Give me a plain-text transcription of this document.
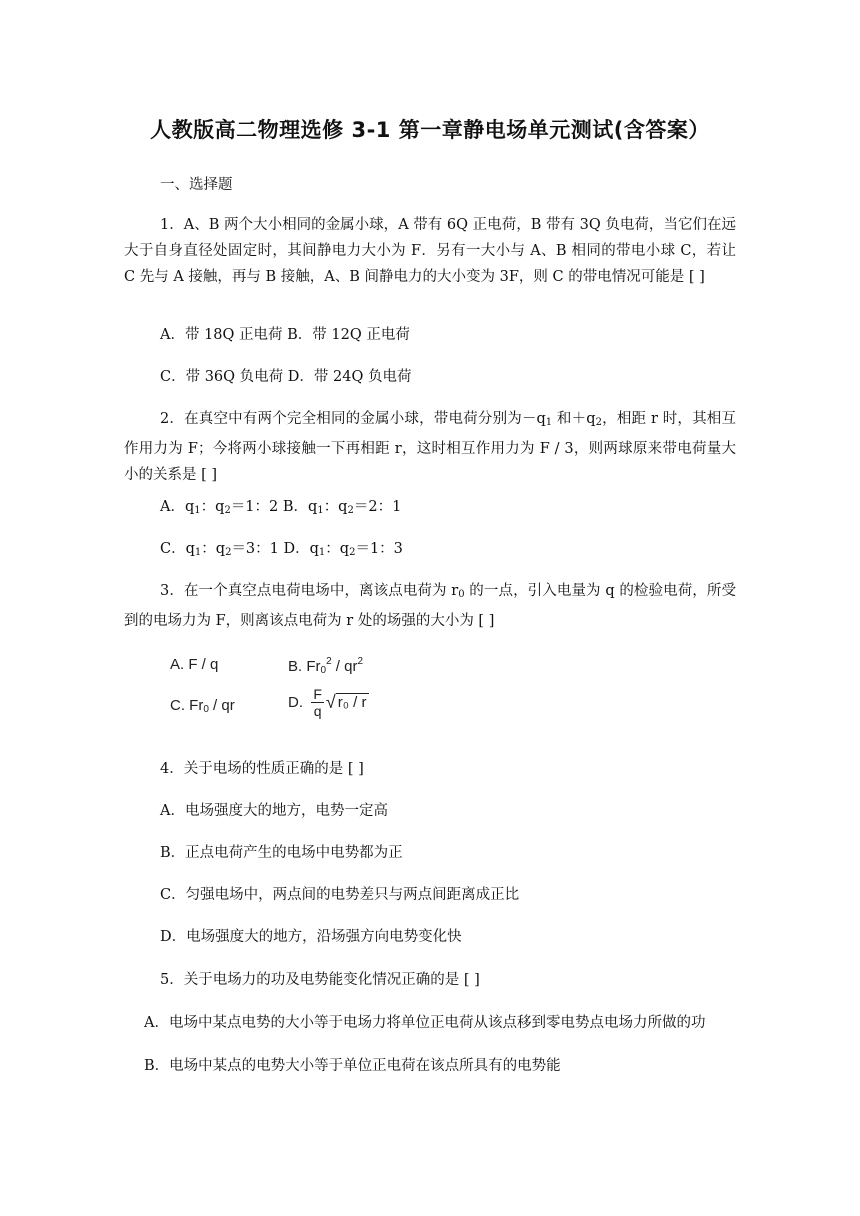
人教版高二物理选修 3-1 第一章静电场单元测试(含答案）
一、选择题
1．A、B 两个大小相同的金属小球，A 带有 6Q 正电荷，B 带有 3Q 负电荷，当它们在远大于自身直径处固定时，其间静电力大小为 F．另有一大小与 A、B 相同的带电小球 C，若让 C 先与 A 接触，再与 B 接触，A、B 间静电力的大小变为 3F，则 C 的带电情况可能是 [ ]
A．带 18Q 正电荷 B．带 12Q 正电荷
C．带 36Q 负电荷 D．带 24Q 负电荷
2．在真空中有两个完全相同的金属小球，带电荷分别为$-q_1$ 和$+q_2$，相距 r 时，其相互作用力为 F；今将两小球接触一下再相距 r，这时相互作用力为 F / 3，则两球原来带电荷量大小的关系是 [ ]
A．$q_1$：$q_2=1$：2 B．$q_1$：$q_2=2$：1
C．$q_1$：$q_2=3$：1 D．$q_1$：$q_2=1$：3
3．在一个真空点电荷电场中，离该点电荷为 $r_0$ 的一点，引入电量为 q 的检验电荷，所受到的电场力为 F，则离该点电荷为 r 处的场强的大小为 [ ]
A. F / q	B. $Fr_0^2 / qr^2$
C. $Fr_0$ / qr	D. $\frac{F}{q}$ √ r₀ / r
4．关于电场的性质正确的是 [ ]
A．电场强度大的地方，电势一定高
B．正点电荷产生的电场中电势都为正
C．匀强电场中，两点间的电势差只与两点间距离成正比
D．电场强度大的地方，沿场强方向电势变化快
5．关于电场力的功及电势能变化情况正确的是 [ ]
A．电场中某点电势的大小等于电场力将单位正电荷从该点移到零电势点电场力所做的功
B．电场中某点的电势大小等于单位正电荷在该点所具有的电势能
